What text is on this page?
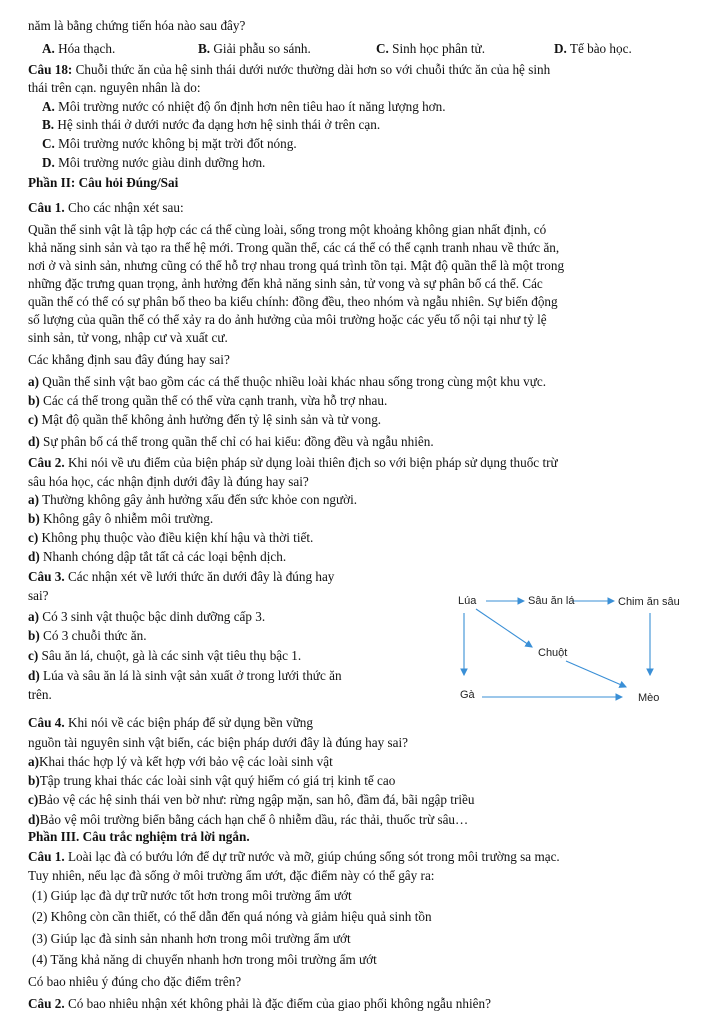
năm là bằng chứng tiến hóa nào sau đây?
A. Hóa thạch.	B. Giải phẫu so sánh.	C. Sinh học phân tử.	D. Tế bào học.
Câu 18: Chuỗi thức ăn của hệ sinh thái dưới nước thường dài hơn so với chuỗi thức ăn của hệ sinh
thái trên cạn. nguyên nhân là do:
A. Môi trường nước có nhiệt độ ổn định hơn nên tiêu hao ít năng lượng hơn.
B. Hệ sinh thái ở dưới nước đa dạng hơn hệ sinh thái ở trên cạn.
C. Môi trường nước không bị mặt trời đốt nóng.
D. Môi trường nước giàu dinh dưỡng hơn.
Phần II: Câu hỏi Đúng/Sai
Câu 1. Cho các nhận xét sau:
Quần thể sinh vật là tập hợp các cá thể cùng loài, sống trong một khoảng không gian nhất định, có
khả năng sinh sản và tạo ra thế hệ mới. Trong quần thể, các cá thể có thể cạnh tranh nhau về thức ăn,
nơi ở và sinh sản, nhưng cũng có thể hỗ trợ nhau trong quá trình tồn tại. Mật độ quần thể là một trong
những đặc trưng quan trọng, ảnh hưởng đến khả năng sinh sản, tử vong và sự phân bố cá thể. Các
quần thể có thể có sự phân bố theo ba kiểu chính: đồng đều, theo nhóm và ngẫu nhiên. Sự biến động
số lượng của quần thể có thể xảy ra do ảnh hưởng của môi trường hoặc các yếu tố nội tại như tỷ lệ
sinh sản, tử vong, nhập cư và xuất cư.
Các khẳng định sau đây đúng hay sai?
a) Quần thể sinh vật bao gồm các cá thể thuộc nhiều loài khác nhau sống trong cùng một khu vực.
b) Các cá thể trong quần thể có thể vừa cạnh tranh, vừa hỗ trợ nhau.
c) Mật độ quần thể không ảnh hưởng đến tỷ lệ sinh sản và tử vong.
d) Sự phân bố cá thể trong quần thể chỉ có hai kiểu: đồng đều và ngẫu nhiên.
Câu 2. Khi nói về ưu điểm của biện pháp sử dụng loài thiên địch so với biện pháp sử dụng thuốc trừ
sâu hóa học, các nhận định dưới đây là đúng hay sai?
a) Thường không gây ảnh hưởng xấu đến sức khỏe con người.
b) Không gây ô nhiễm môi trường.
c) Không phụ thuộc vào điều kiện khí hậu và thời tiết.
d) Nhanh chóng dập tắt tất cả các loại bệnh dịch.
Câu 3. Các nhận xét về lưới thức ăn dưới đây là đúng hay
sai?
a) Có 3 sinh vật thuộc bậc dinh dưỡng cấp 3.
b) Có 3 chuỗi thức ăn.
c) Sâu ăn lá, chuột, gà là các sinh vật tiêu thụ bậc 1.
d) Lúa và sâu ăn lá là sinh vật sản xuất ở trong lưới thức ăn
trên.
Lúa	Sâu ăn lá	Chim ăn sâu
Chuột
Gà	Mèo
Câu 4. Khi nói về các biện pháp để sử dụng bền vững
nguồn tài nguyên sinh vật biển, các biện pháp dưới đây là đúng hay sai?
a)Khai thác hợp lý và kết hợp với bảo vệ các loài sinh vật
b)Tập trung khai thác các loài sinh vật quý hiếm có giá trị kinh tế cao
c)Bảo vệ các hệ sinh thái ven bờ như: rừng ngập mặn, san hô, đầm đá, bãi ngập triều
d)Bảo vệ môi trường biển bằng cách hạn chế ô nhiễm dầu, rác thải, thuốc trừ sâu…
Phần III. Câu trắc nghiệm trả lời ngắn.
Câu 1. Loài lạc đà có bướu lớn để dự trữ nước và mỡ, giúp chúng sống sót trong môi trường sa mạc.
Tuy nhiên, nếu lạc đà sống ở môi trường ẩm ướt, đặc điểm này có thể gây ra:
(1) Giúp lạc đà dự trữ nước tốt hơn trong môi trường ẩm ướt
(2) Không còn cần thiết, có thể dẫn đến quá nóng và giảm hiệu quả sinh tồn
(3) Giúp lạc đà sinh sản nhanh hơn trong môi trường ẩm ướt
(4) Tăng khả năng di chuyển nhanh hơn trong môi trường ẩm ướt
Có bao nhiêu ý đúng cho đặc điểm trên?
Câu 2. Có bao nhiêu nhận xét không phải là đặc điểm của giao phối không ngẫu nhiên?
